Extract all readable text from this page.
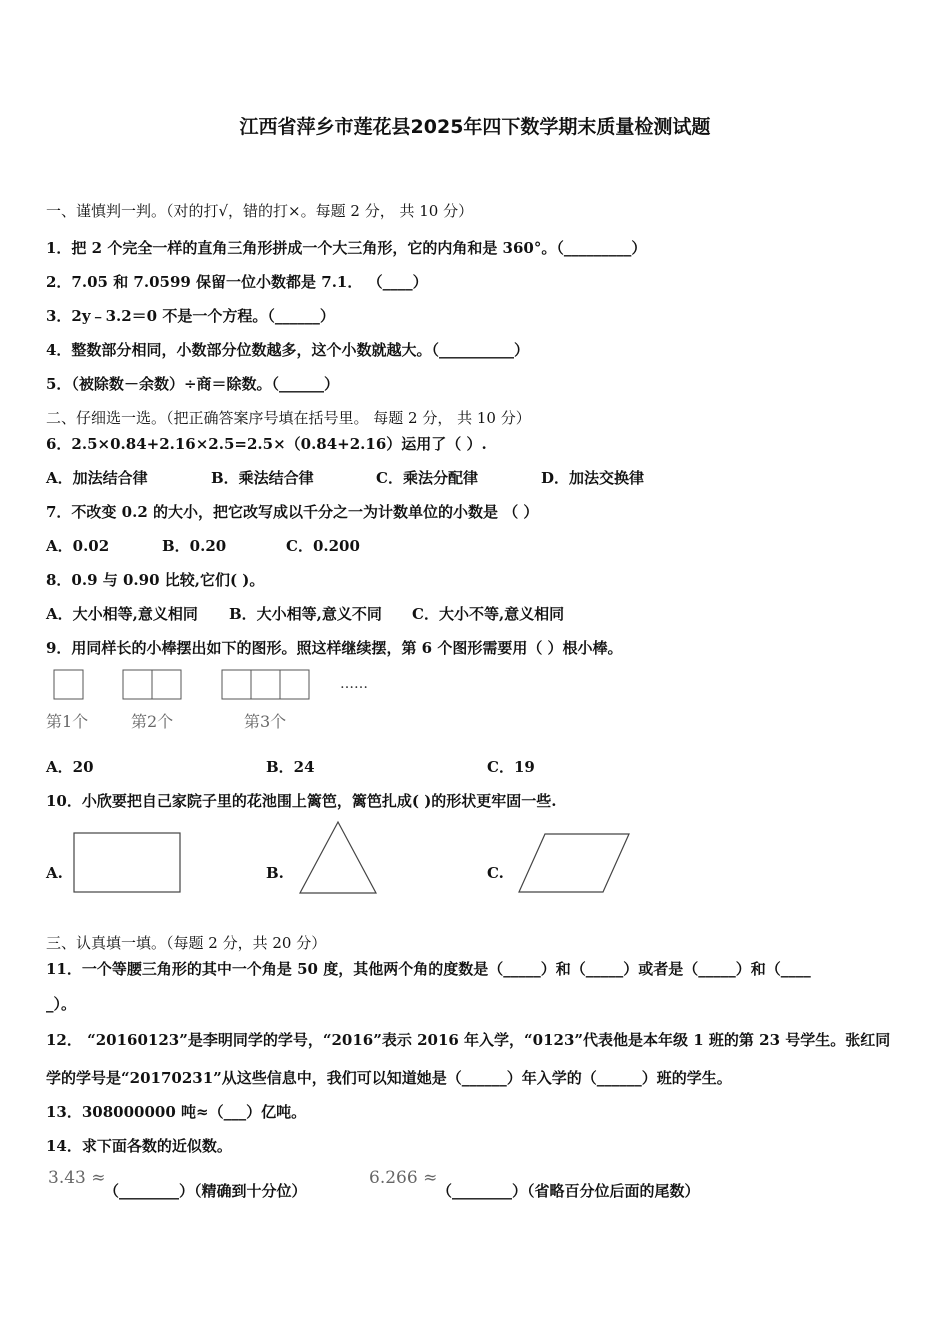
江西省萍乡市莲花县2025年四下数学期末质量检测试题
一、谨慎判一判。（对的打√，错的打×。每题 2 分， 共 10 分）
1．把 2 个完全一样的直角三角形拼成一个大三角形，它的内角和是 360°。（_________）
2．7.05 和 7.0599 保留一位小数都是 7.1． （____）
3．2y﹣3.2＝0 不是一个方程。（______）
4．整数部分相同，小数部分位数越多，这个小数就越大。（__________）
5．（被除数－余数）÷商＝除数。（______）
二、仔细选一选。（把正确答案序号填在括号里。 每题 2 分， 共 10 分）
6．2.5×0.84+2.16×2.5=2.5×（0.84+2.16）运用了（ ）.
A．加法结合律	B．乘法结合律	C．乘法分配律	D．加法交换律
7．不改变 0.2 的大小，把它改写成以千分之一为计数单位的小数是 （ ）
A．0.02	B．0.20	C．0.200
8．0.9 与 0.90 比较,它们( )。
A．大小相等,意义相同 B．大小相等,意义不同 C．大小不等,意义相同
9．用同样长的小棒摆出如下的图形。照这样继续摆，第 6 个图形需要用（ ）根小棒。
……
第1个	第2个	第3个
A．20	B．24	C．19
10．小欣要把自己家院子里的花池围上篱笆，篱笆扎成( )的形状更牢固一些.
A.	B.	C.
三、认真填一填。（每题 2 分，共 20 分）
11．一个等腰三角形的其中一个角是 50 度，其他两个角的度数是（_____）和（_____）或者是（_____）和（____
_）。
12． “20160123”是李明同学的学号，“2016”表示 2016 年入学，“0123”代表他是本年级 1 班的第 23 号学生。张红同
学的学号是“20170231”从这些信息中，我们可以知道她是（______）年入学的（______）班的学生。
13．308000000 吨≈（___）亿吨。
14．求下面各数的近似数。
3.43 ≈
（________）（精确到十分位）
6.266 ≈
（________）（省略百分位后面的尾数）
